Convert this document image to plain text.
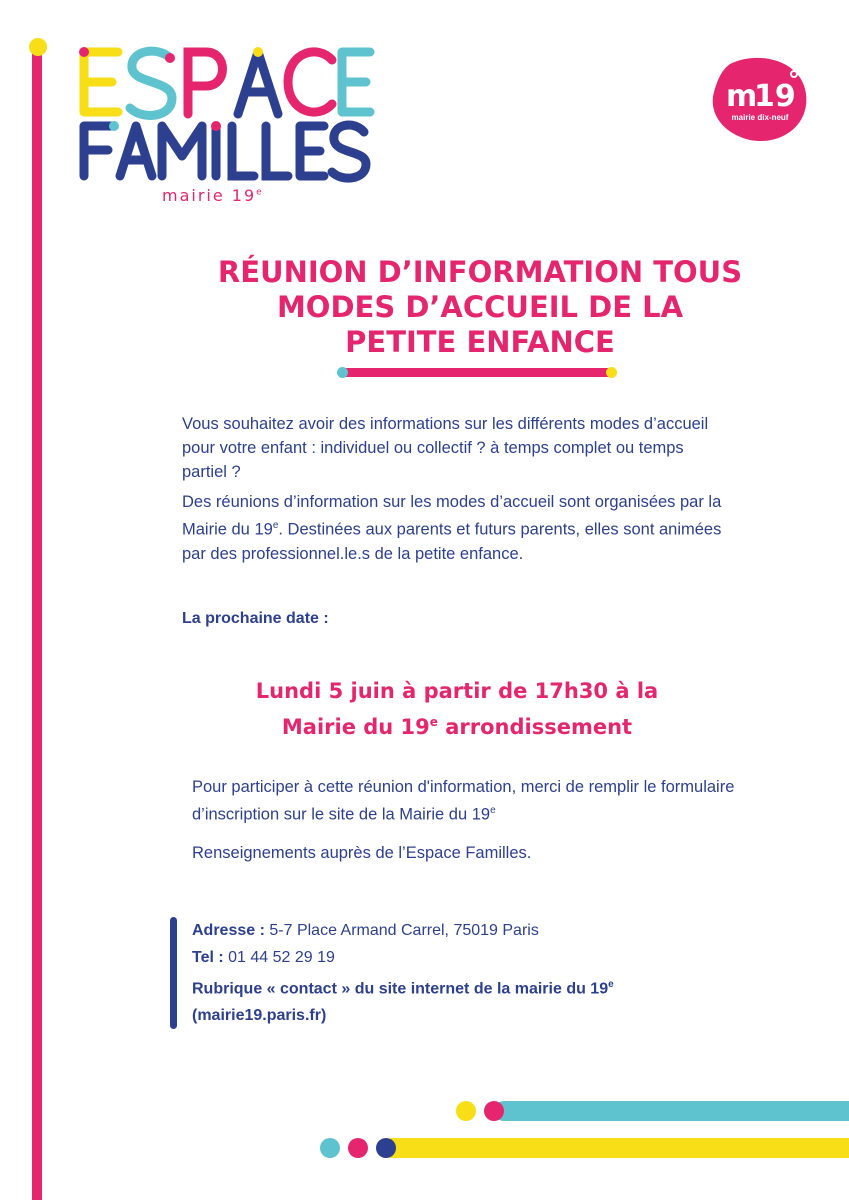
mairie 19e
m
19
mairie dix-neuf
RÉUNION D’INFORMATION TOUS
MODES D’ACCUEIL DE LA
PETITE ENFANCE

Vous souhaitez avoir des informations sur les différents modes d’accueil pour votre enfant : individuel ou collectif ? à temps complet ou temps partiel ?

Des réunions d’information sur les modes d’accueil sont organisées par la Mairie du 19e. Destinées aux parents et futurs parents, elles sont animées par des professionnel.le.s de la petite enfance.

La prochaine date :
Lundi 5 juin à partir de 17h30 à la
Mairie du 19e arrondissement
Pour participer à cette réunion d'information, merci de remplir le formulaire d’inscription sur le site de la Mairie du 19e
Renseignements auprès de l’Espace Familles.
Adresse : 5-7 Place Armand Carrel, 75019 Paris
Tel : 01 44 52 29 19
Rubrique « contact » du site internet de la mairie du 19e
(mairie19.paris.fr)
